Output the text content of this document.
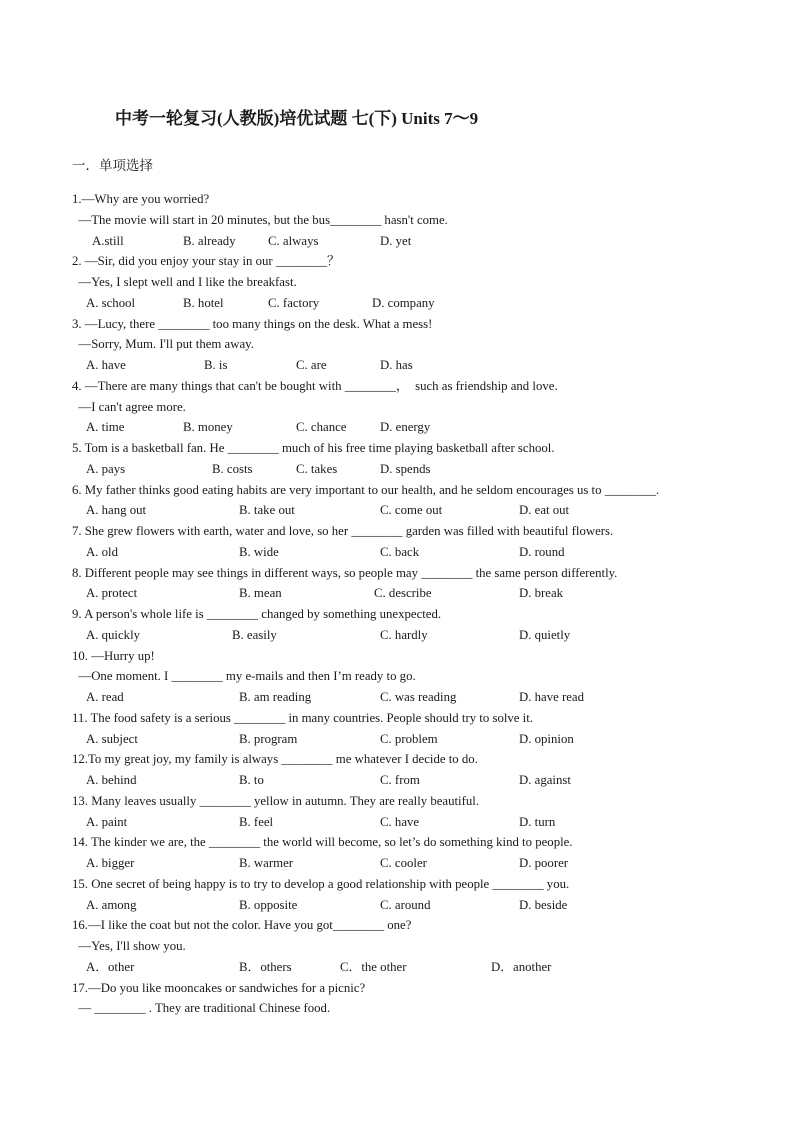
中考一轮复习(人教版)培优试题 七(下) Units 7～9
一．单项选择
1.—Why are you worried?
—The movie will start in 20 minutes, but the bus________ hasn't come.
A.still	B. already	C. always	D. yet
2. —Sir, did you enjoy your stay in our ________？
—Yes, I slept well and I like the breakfast.
A. school	B. hotel	C. factory	D. company
3. —Lucy, there ________ too many things on the desk. What a mess!
—Sorry, Mum. I'll put them away.
A. have	B. is	C. are	D. has
4. —There are many things that can't be bought with ________，  such as friendship and love.
—I can't agree more.
A. time	B. money	C. chance	D. energy
5. Tom is a basketball fan. He ________ much of his free time playing basketball after school.
A. pays	B. costs	C. takes	D. spends
6. My father thinks good eating habits are very important to our health, and he seldom encourages us to ________.
A. hang out	B. take out	C. come out	D. eat out
7. She grew flowers with earth, water and love, so her ________ garden was filled with beautiful flowers.
A. old	B. wide	C. back	D. round
8. Different people may see things in different ways, so people may ________ the same person differently.
A. protect	B. mean	C. describe	D. break
9. A person's whole life is ________ changed by something unexpected.
A. quickly	B. easily	C. hardly	D. quietly
10. —Hurry up!
—One moment. I ________ my e-mails and then I’m ready to go.
A. read	B. am reading	C. was reading	D. have read
11. The food safety is a serious ________ in many countries. People should try to solve it.
A. subject	B. program	C. problem	D. opinion
12.To my great joy, my family is always ________ me whatever I decide to do.
A. behind	B. to	C. from	D. against
13. Many leaves usually ________ yellow in autumn. They are really beautiful.
A. paint	B. feel	C. have	D. turn
14. The kinder we are, the ________ the world will become, so let’s do something kind to people.
A. bigger	B. warmer	C. cooler	D. poorer
15. One secret of being happy is to try to develop a good relationship with people ________ you.
A. among	B. opposite	C. around	D. beside
16.—I like the coat but not the color. Have you got________ one?
—Yes, I'll show you.
A．other	B．others	C．the other	D．another
17.—Do you like mooncakes or sandwiches for a picnic?
— ________ . They are traditional Chinese food.
